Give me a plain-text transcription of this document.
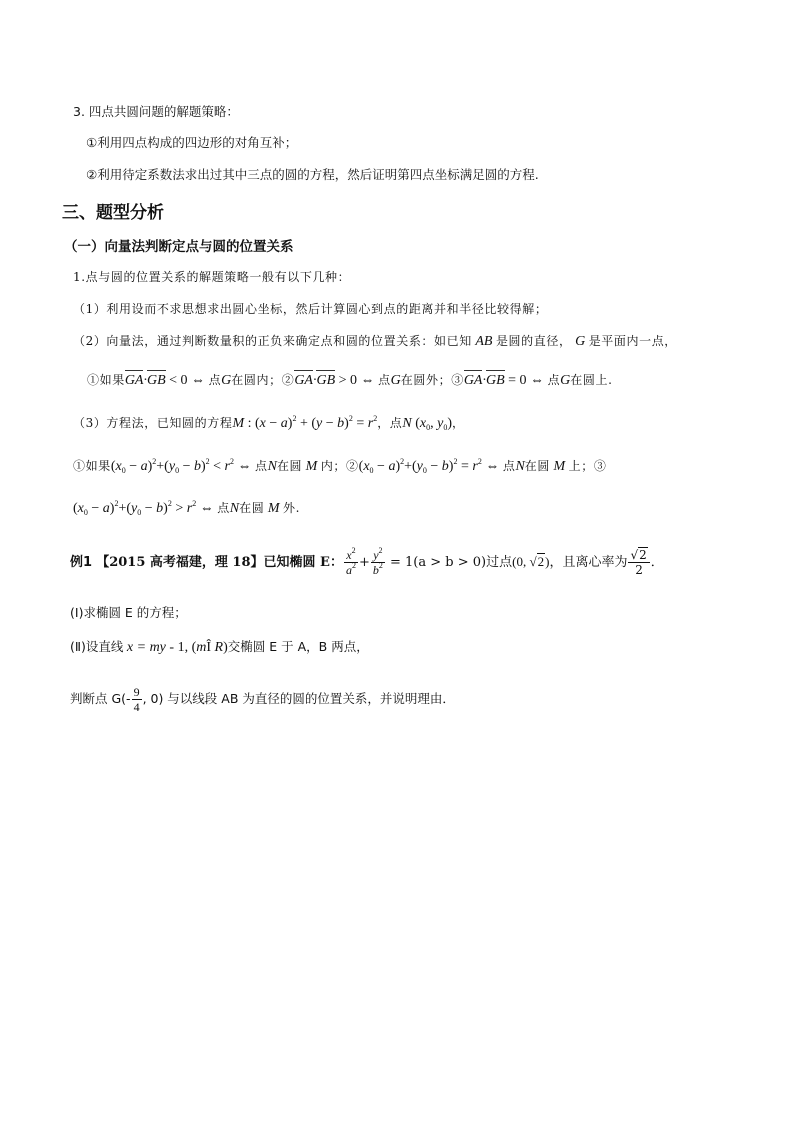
3. 四点共圆问题的解题策略：
①利用四点构成的四边形的对角互补；
②利用待定系数法求出过其中三点的圆的方程，然后证明第四点坐标满足圆的方程.
三、题型分析
（一）向量法判断定点与圆的位置关系
1.点与圆的位置关系的解题策略一般有以下几种：
（1）利用设而不求思想求出圆心坐标，然后计算圆心到点的距离并和半径比较得解；
（2）向量法，通过判断数量积的正负来确定点和圆的位置关系：如已知 AB 是圆的直径， G 是平面内一点，
①如果GA·GB < 0 ⇔ 点G在圆内；②GA·GB > 0 ⇔ 点G在圆外；③GA·GB = 0 ⇔ 点G在圆上.
（3）方程法，已知圆的方程M : $(x - a)^2 + (y - b)^2 = r^2$，点N ($x_0$, $y_0$)，
①如果$(x_0 - a)^2+(y_0 - b)^2 < r^2$ ⇔ 点N在圆 M 内；$②(x_0 - a)^2+(y_0 - b)^2 = r^2$ ⇔ 点N在圆 M 上；③
$(x_0 - a)^2+(y_0 - b)^2 > r^2$ ⇔ 点N在圆 M 外.
例1 【2015 高考福建，理 18】已知椭圆 E： $\frac{x^2}{a^2} + \frac{y^2}{b^2} = 1(a > b > 0)$过点(0, √2)，且离心率为 $\frac{√2}{2}$ ．
(Ⅰ)求椭圆 E 的方程；
(Ⅱ)设直线 x = my - 1, (mÎ R)交椭圆 E 于 A，B 两点，
判断点 $G(- \frac{9}{4}$ , 0) 与以线段 AB 为直径的圆的位置关系，并说明理由．
